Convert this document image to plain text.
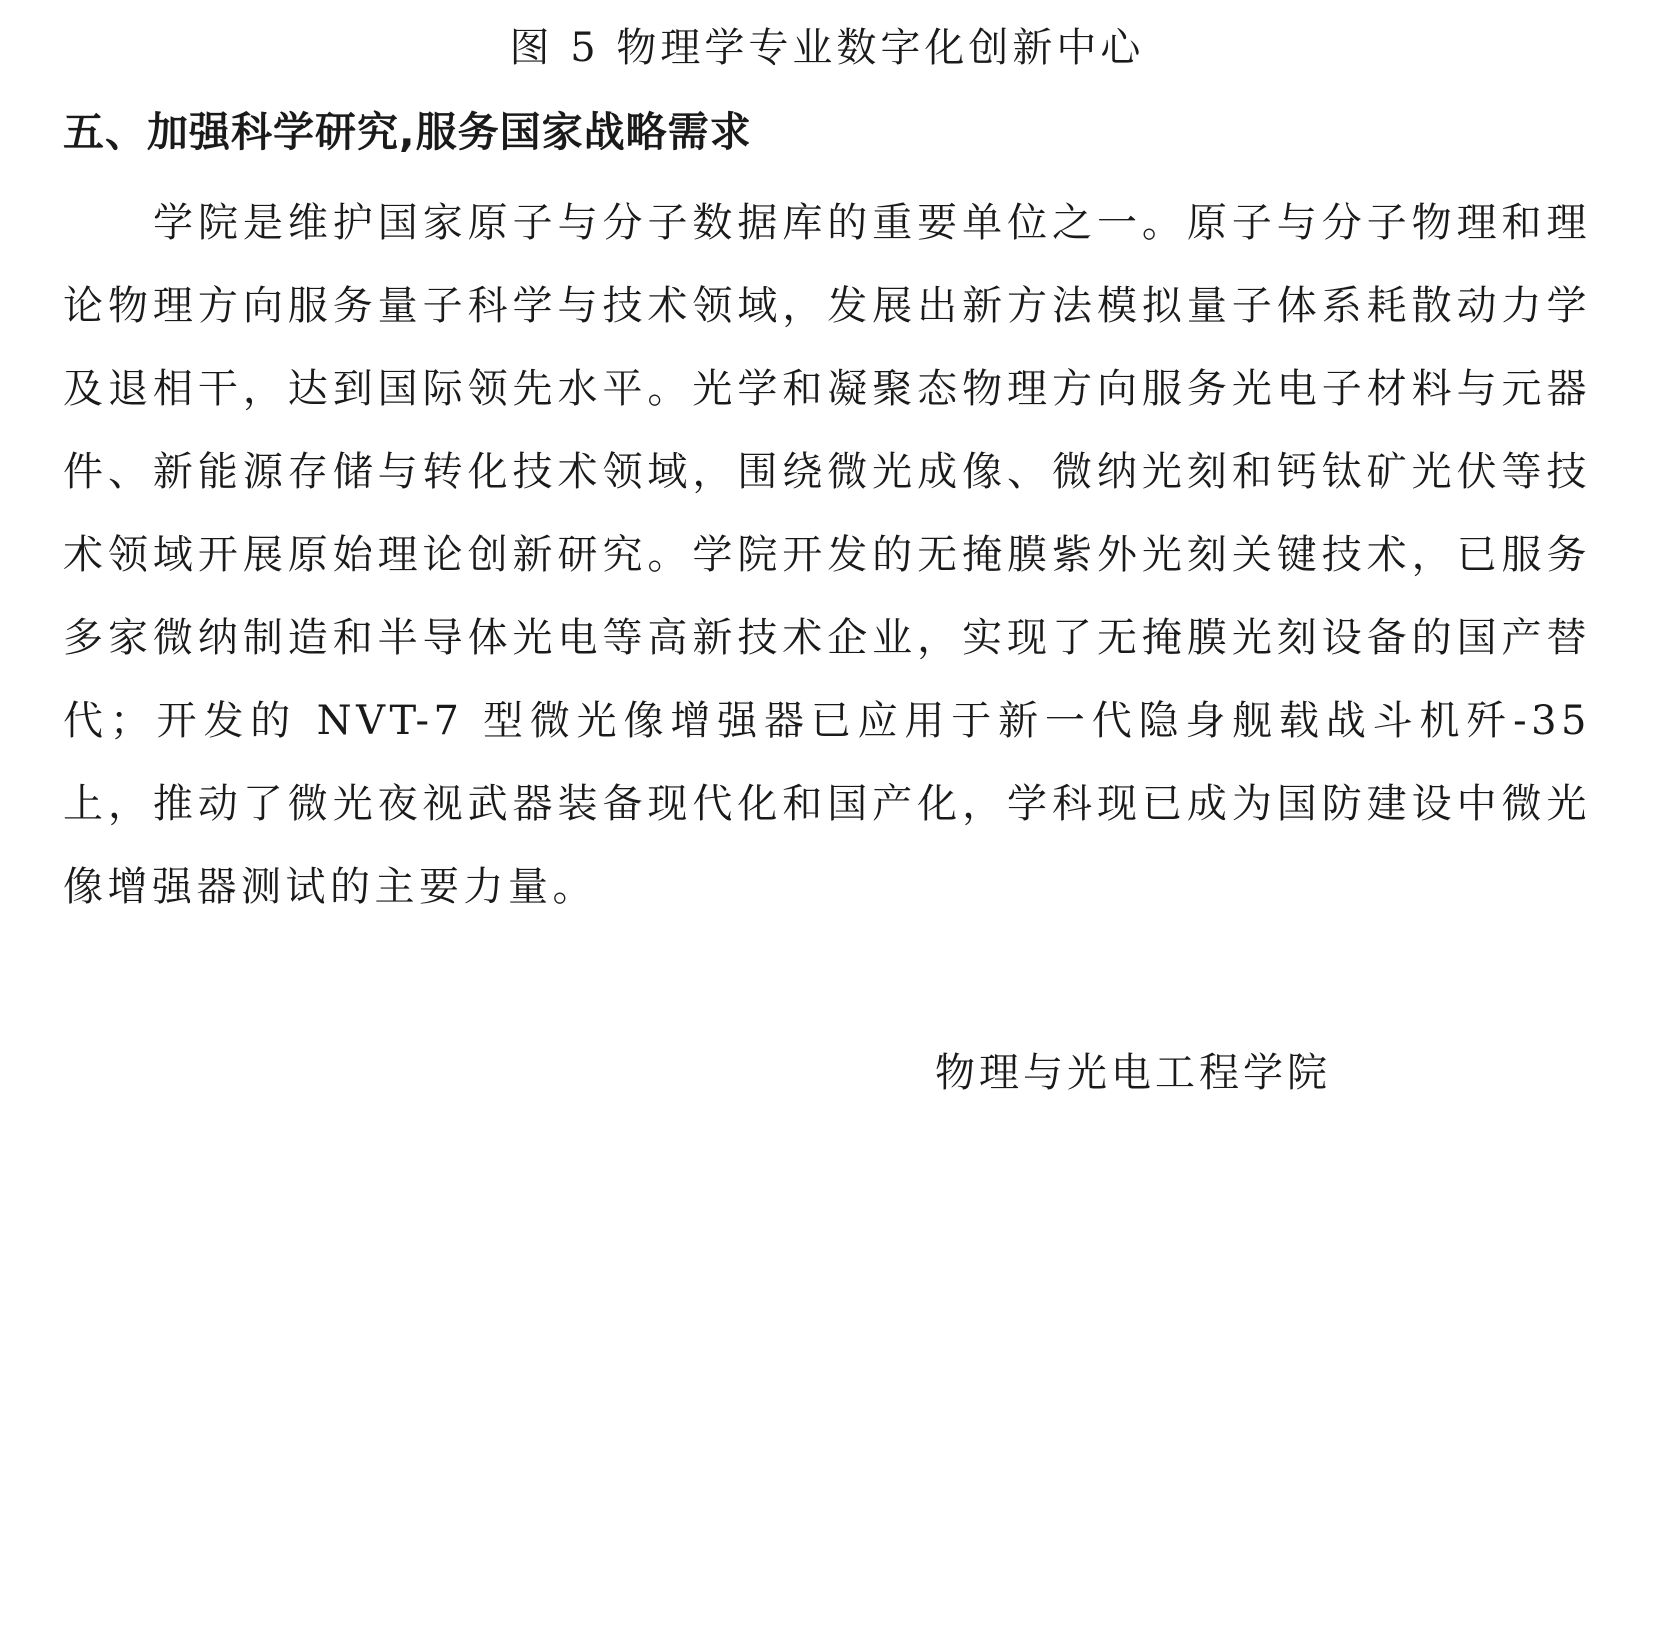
图 5 物理学专业数字化创新中心
五、加强科学研究,服务国家战略需求

学院是维护国家原子与分子数据库的重要单位之一。原子与分子物理和理论物理方向服务量子科学与技术领域，发展出新方法模拟量子体系耗散动力学及退相干，达到国际领先水平。光学和凝聚态物理方向服务光电子材料与元器件、新能源存储与转化技术领域，围绕微光成像、微纳光刻和钙钛矿光伏等技术领域开展原始理论创新研究。学院开发的无掩膜紫外光刻关键技术，已服务多家微纳制造和半导体光电等高新技术企业，实现了无掩膜光刻设备的国产替代；开发的 NVT-7 型微光像增强器已应用于新一代隐身舰载战斗机歼-35 上，推动了微光夜视武器装备现代化和国产化，学科现已成为国防建设中微光像增强器测试的主要力量。

物理与光电工程学院
